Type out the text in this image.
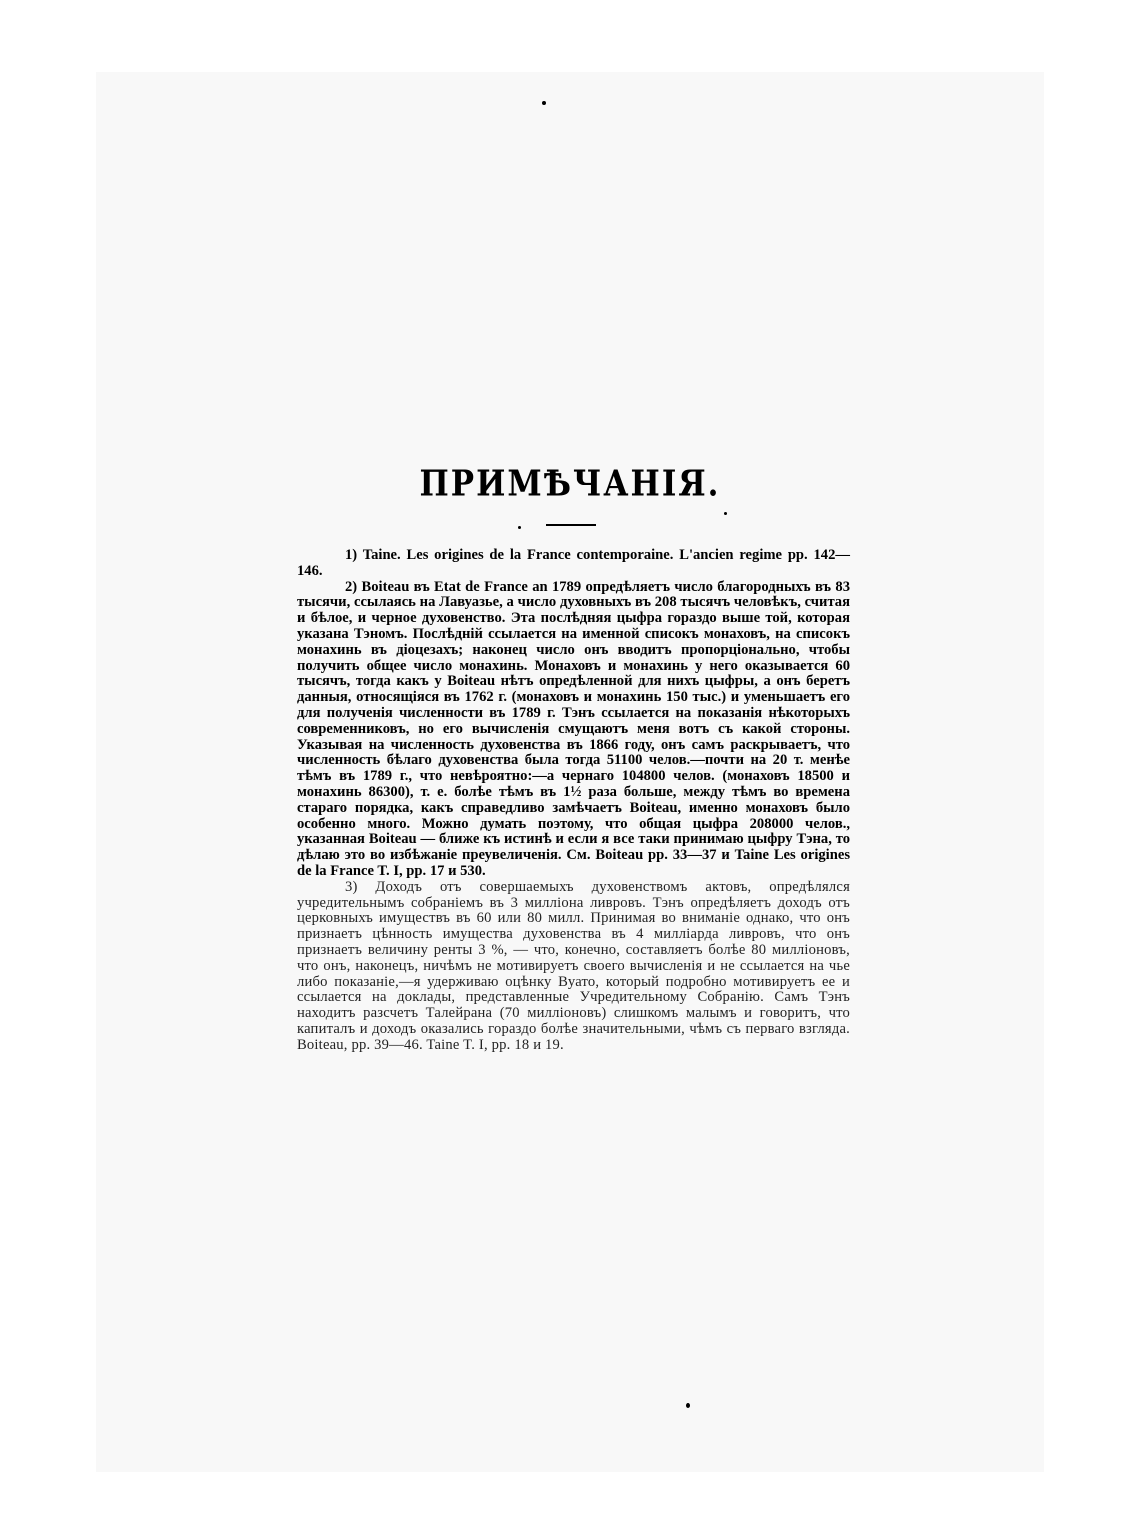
ПРИМѢЧАНІЯ.

1) Taine. Les origines de la France contemporaine. L'ancien regime pp. 142—146.

2) Boiteau въ Etat de France an 1789 опредѣляетъ число благородныхъ въ 83 тысячи, ссылаясь на Лавуазье, а число духовныхъ въ 208 тысячъ человѣкъ, считая и бѣлое, и черное духовенство. Эта послѣдняя цыфра гораздо выше той, которая указана Тэномъ. Послѣдній ссылается на именной списокъ монаховъ, на списокъ монахинь въ діоцезахъ; наконец число онъ вводитъ пропорціонально, чтобы получить общее число монахинь. Монаховъ и монахинь у него оказывается 60 тысячъ, тогда какъ у Boiteau нѣтъ опредѣленной для нихъ цыфры, а онъ беретъ данныя, относящіяся въ 1762 г. (монаховъ и монахинь 150 тыс.) и уменьшаетъ его для полученія численности въ 1789 г. Тэнъ ссылается на показанія нѣкоторыхъ современниковъ, но его вычисленія смущаютъ меня вотъ съ какой стороны. Указывая на численность духовенства въ 1866 году, онъ самъ раскрываетъ, что численность бѣлаго духовенства была тогда 51100 челов.—почти на 20 т. менѣе тѣмъ въ 1789 г., что невѣроятно:—а чернаго 104800 челов. (монаховъ 18500 и монахинь 86300), т. е. болѣе тѣмъ въ 1½ раза больше, между тѣмъ во времена стараго порядка, какъ справедливо замѣчаетъ Boiteau, именно монаховъ было особенно много. Можно думать поэтому, что общая цыфра 208000 челов., указанная Boiteau — ближе къ истинѣ и если я все таки принимаю цыфру Тэна, то дѣлаю это во избѣжаніе преувеличенія. См. Boiteau pp. 33—37 и Taine Les origines de la France T. I, pp. 17 и 530.

3) Доходъ отъ совершаемыхъ духовенствомъ актовъ, опредѣлялся учредительнымъ собраніемъ въ 3 милліона ливровъ. Тэнъ опредѣляетъ доходъ отъ церковныхъ имуществъ въ 60 или 80 милл. Принимая во вниманіе однако, что онъ признаетъ цѣнность имущества духовенства въ 4 милліарда ливровъ, что онъ признаетъ величину ренты 3 %, — что, конечно, составляетъ болѣе 80 милліоновъ, что онъ, наконецъ, ничѣмъ не мотивируетъ своего вычисленія и не ссылается на чье либо показаніе,—я удерживаю оцѣнку Вуато, который подробно мотивируетъ ее и ссылается на доклады, представленные Учредительному Собранію. Самъ Тэнъ находитъ разсчетъ Талейрана (70 милліоновъ) слишкомъ малымъ и говоритъ, что капиталъ и доходъ оказались гораздо болѣе значительными, чѣмъ съ перваго взгляда. Boiteau, pp. 39—46. Taine T. I, pp. 18 и 19.
